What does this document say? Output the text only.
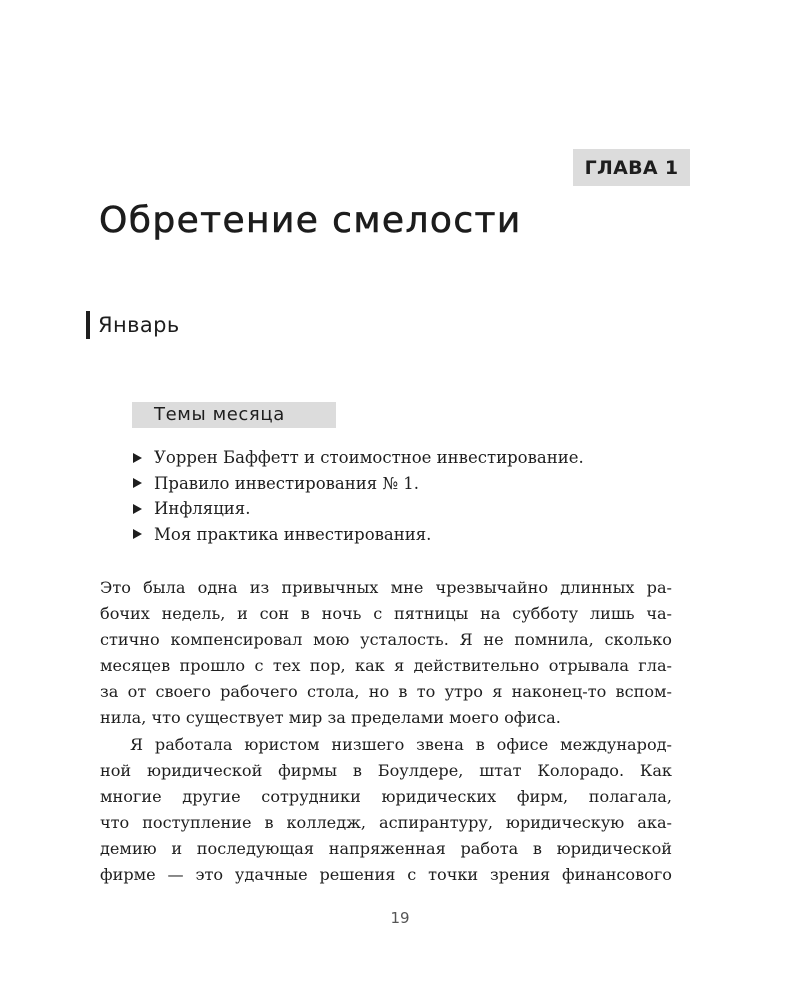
ГЛАВА 1
Обретение смелости
Январь
Темы месяца
Уоррен Баффетт и стоимостное инвестирование.
Правило инвестирования № 1.
Инфляция.
Моя практика инвестирования.
Это была одна из привычных мне чрезвычайно длинных ра-
бочих недель, и сон в ночь с пятницы на субботу лишь ча-
стично компенсировал мою усталость. Я не помнила, сколько
месяцев прошло с тех пор, как я действительно отрывала гла-
за от своего рабочего стола, но в то утро я наконец-то вспом-
нила, что существует мир за пределами моего офиса.
Я работала юристом низшего звена в офисе международ-
ной юридической фирмы в Боулдере, штат Колорадо. Как
многие другие сотрудники юридических фирм, полагала,
что поступление в колледж, аспирантуру, юридическую ака-
демию и последующая напряженная работа в юридической
фирме — это удачные решения с точки зрения финансового
19
